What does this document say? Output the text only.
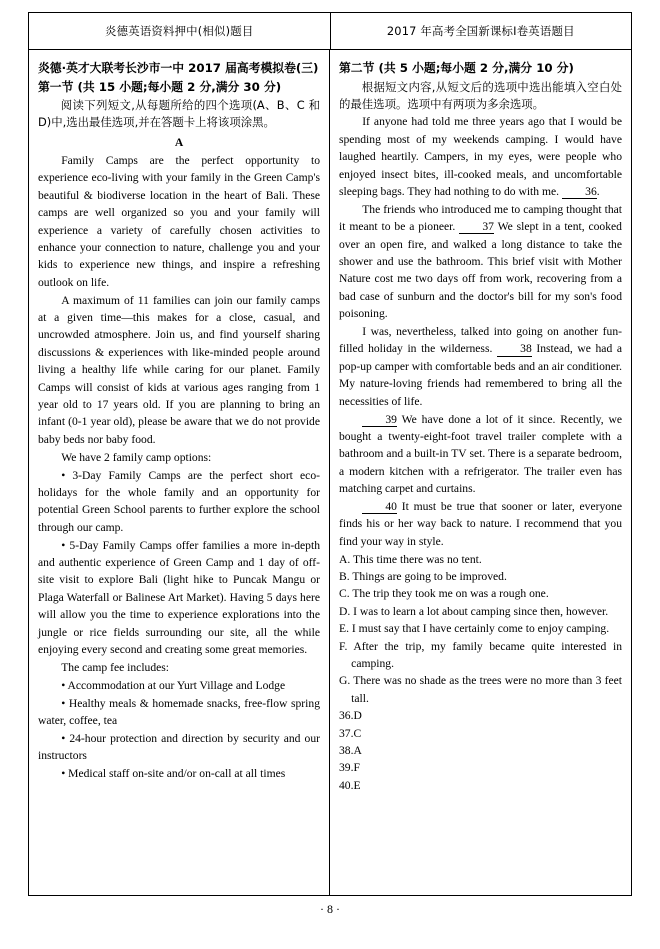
炎德英语资料押中(相似)题目	2017 年高考全国新课标Ⅰ卷英语题目

炎德·英才大联考长沙市一中 2017 届高考模拟卷(三)

第一节 (共 15 小题;每小题 2 分,满分 30 分)

阅读下列短文,从每题所给的四个选项(A、B、C 和 D)中,选出最佳选项,并在答题卡上将该项涂黑。

A

Family Camps are the perfect opportunity to experience eco-living with your family in the Green Camp's beautiful & biodiverse location in the heart of Bali. These camps are well organized so you and your family will experience a variety of carefully chosen activities to enhance your connection to nature, challenge you and your kids to experience new things, and inspire a refreshing outlook on life.

A maximum of 11 families can join our family camps at a given time—this makes for a close, casual, and uncrowded atmosphere. Join us, and find yourself sharing discussions & experiences with like-minded people around living a healthy life while caring for our planet. Family Camps will consist of kids at various ages ranging from 1 year old to 17 years old. If you are planning to bring an infant (0-1 year old), please be aware that we do not provide baby beds nor baby food.

We have 2 family camp options:

• 3-Day Family Camps are the perfect short eco-holidays for the whole family and an opportunity for potential Green School parents to further explore the school through our camp.

• 5-Day Family Camps offer families a more in-depth and authentic experience of Green Camp and 1 day of off-site visit to explore Bali (light hike to Puncak Mangu or Plaga Waterfall or Balinese Art Market). Having 5 days here will allow you the time to experience explorations into the jungle or rice fields surrounding our site, all the while enjoying every second and creating some great memories.

The camp fee includes:

• Accommodation at our Yurt Village and Lodge

• Healthy meals & homemade snacks, free-flow spring water, coffee, tea

• 24-hour protection and direction by security and our instructors

• Medical staff on-site and/or on-call at all times

第二节 (共 5 小题;每小题 2 分,满分 10 分)

根据短文内容,从短文后的选项中选出能填入空白处的最佳选项。选项中有两项为多余选项。

If anyone had told me three years ago that I would be spending most of my weekends camping. I would have laughed heartily. Campers, in my eyes, were people who enjoyed insect bites, ill-cooked meals, and uncomfortable sleeping bags. They had nothing to do with me. 36.

The friends who introduced me to camping thought that it meant to be a pioneer. 37 We slept in a tent, cooked over an open fire, and walked a long distance to take the shower and use the bathroom. This brief visit with Mother Nature cost me two days off from work, recovering from a bad case of sunburn and the doctor's bill for my son's food poisoning.

I was, nevertheless, talked into going on another fun-filled holiday in the wilderness. 38 Instead, we had a pop-up camper with comfortable beds and an air conditioner. My nature-loving friends had remembered to bring all the necessities of life.

39 We have done a lot of it since. Recently, we bought a twenty-eight-foot travel trailer complete with a bathroom and a built-in TV set. There is a separate bedroom, a modern kitchen with a refrigerator. The trailer even has matching carpet and curtains.

40 It must be true that sooner or later, everyone finds his or her way back to nature. I recommend that you find your way in style.

A. This time there was no tent.

B. Things are going to be improved.

C. The trip they took me on was a rough one.

D. I was to learn a lot about camping since then, however.

E. I must say that I have certainly come to enjoy camping.

F. After the trip, my family became quite interested in camping.

G. There was no shade as the trees were no more than 3 feet tall.

36.D

37.C

38.A

39.F

40.E

· 8 ·
